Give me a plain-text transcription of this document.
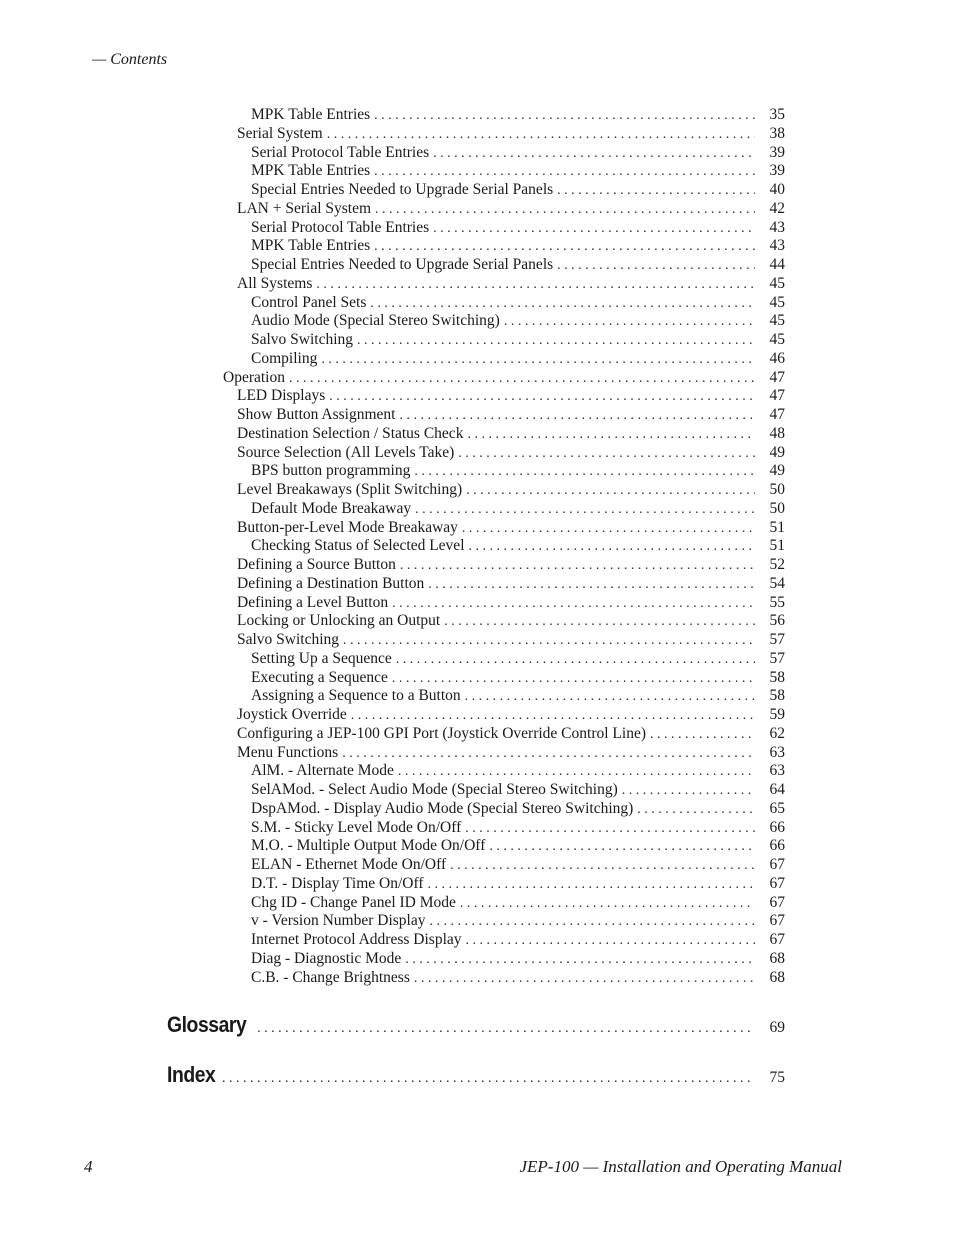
— Contents
MPK Table Entries . . .	35
Serial System . . .	38
Serial Protocol Table Entries . . .	39
MPK Table Entries . . .	39
Special Entries Needed to Upgrade Serial Panels . . .	40
LAN + Serial System . . .	42
Serial Protocol Table Entries . . .	43
MPK Table Entries . . .	43
Special Entries Needed to Upgrade Serial Panels . . .	44
All Systems . . .	45
Control Panel Sets . . .	45
Audio Mode (Special Stereo Switching) . . .	45
Salvo Switching . . .	45
Compiling . . .	46
Operation . . .	47
LED Displays . . .	47
Show Button Assignment . . .	47
Destination Selection / Status Check . . .	48
Source Selection (All Levels Take) . . .	49
BPS button programming . . .	49
Level Breakaways (Split Switching) . . .	50
Default Mode Breakaway . . .	50
Button-per-Level Mode Breakaway . . .	51
Checking Status of Selected Level . . .	51
Defining a Source Button . . .	52
Defining a Destination Button . . .	54
Defining a Level Button . . .	55
Locking or Unlocking an Output . . .	56
Salvo Switching . . .	57
Setting Up a Sequence . . .	57
Executing a Sequence . . .	58
Assigning a Sequence to a Button . . .	58
Joystick Override . . .	59
Configuring a JEP-100 GPI Port (Joystick Override Control Line) . . .	62
Menu Functions . . .	63
AlM. - Alternate Mode . . .	63
SelAMod. - Select Audio Mode (Special Stereo Switching) . . .	64
DspAMod. - Display Audio Mode (Special Stereo Switching) . . .	65
S.M. - Sticky Level Mode On/Off . . .	66
M.O. - Multiple Output Mode On/Off . . .	66
ELAN - Ethernet Mode On/Off . . .	67
D.T. - Display Time On/Off . . .	67
Chg ID - Change Panel ID Mode . . .	67
v - Version Number Display . . .	67
Internet Protocol Address Display . . .	67
Diag - Diagnostic Mode . . .	68
C.B. - Change Brightness . . .	68
Glossary . . .	69
Index . . .	75
4	JEP-100 — Installation and Operating Manual
